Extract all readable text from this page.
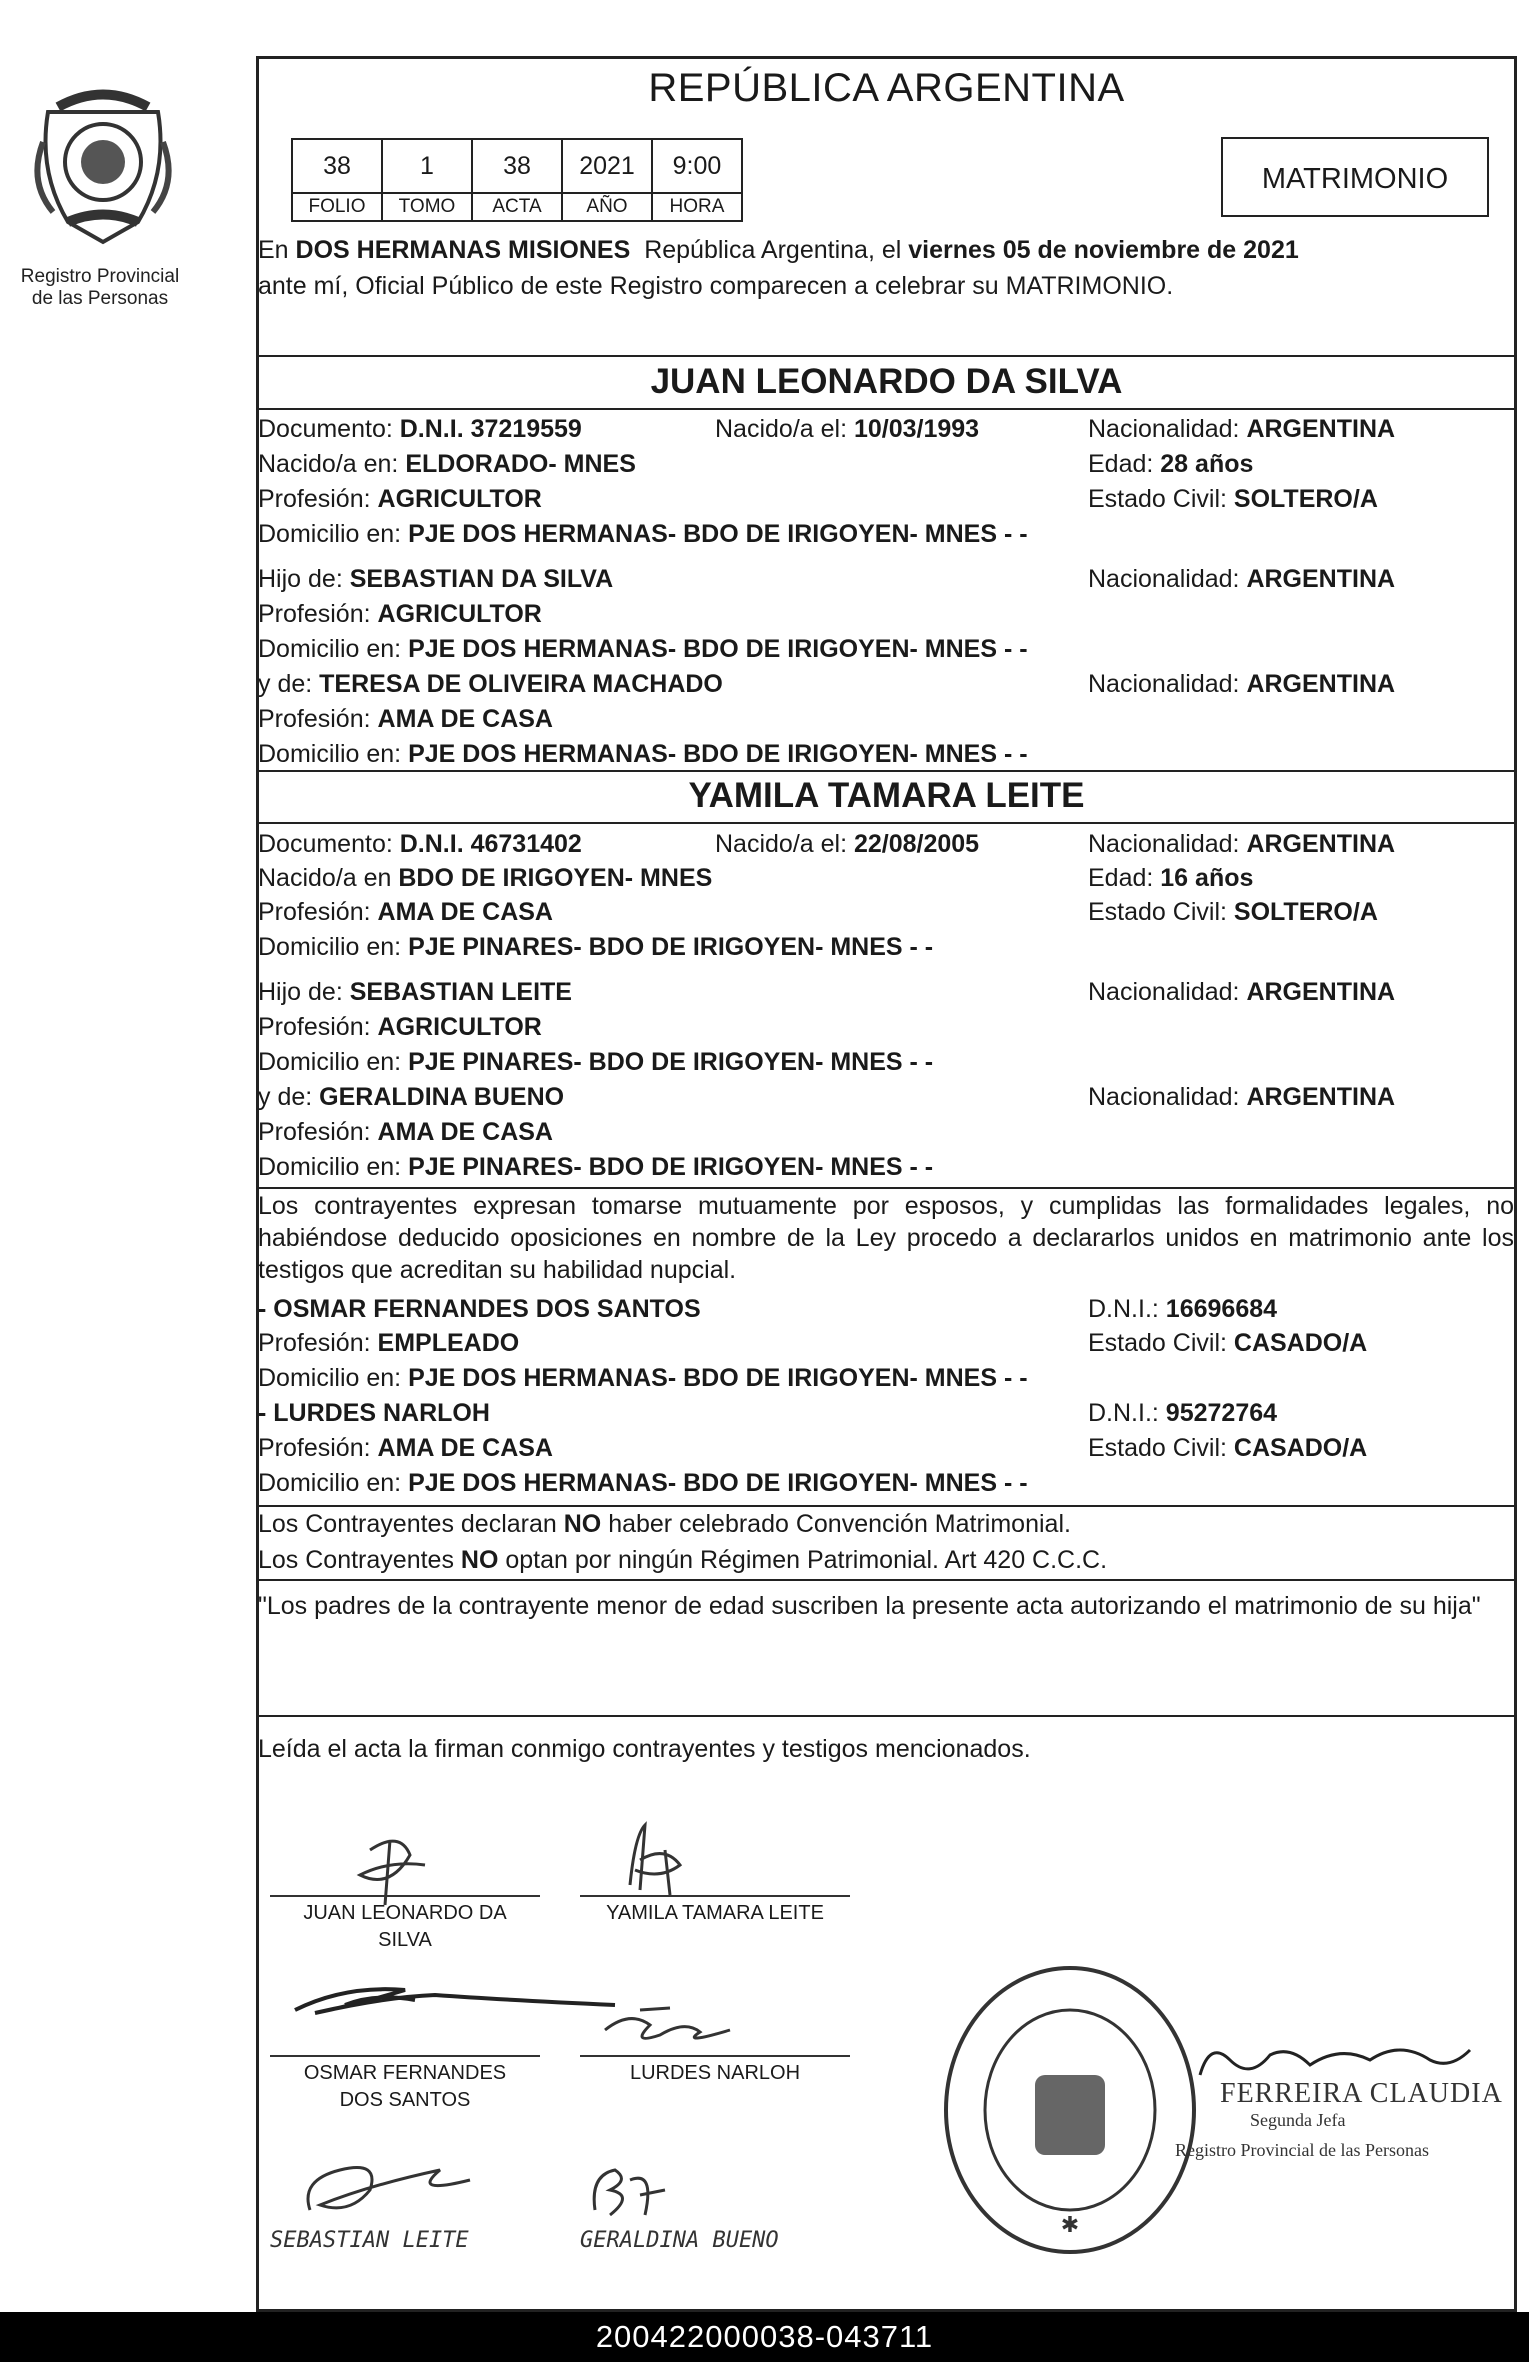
Registro Provincial
de las Personas
REPÚBLICA ARGENTINA
38	1	38	2021	9:00
FOLIO	TOMO	ACTA	AÑO	HORA
MATRIMONIO
En DOS HERMANAS MISIONES  República Argentina, el viernes 05 de noviembre de 2021
ante mí, Oficial Público de este Registro comparecen a celebrar su MATRIMONIO.
JUAN LEONARDO DA SILVA
Documento: D.N.I. 37219559	Nacido/a el: 10/03/1993	Nacionalidad: ARGENTINA
Nacido/a en: ELDORADO- MNES	Edad: 28 años
Profesión: AGRICULTOR	Estado Civil: SOLTERO/A
Domicilio en: PJE DOS HERMANAS- BDO DE IRIGOYEN- MNES - -
Hijo de: SEBASTIAN DA SILVA	Nacionalidad: ARGENTINA
Profesión: AGRICULTOR
Domicilio en: PJE DOS HERMANAS- BDO DE IRIGOYEN- MNES - -
y de: TERESA DE OLIVEIRA MACHADO	Nacionalidad: ARGENTINA
Profesión: AMA DE CASA
Domicilio en: PJE DOS HERMANAS- BDO DE IRIGOYEN- MNES - -
YAMILA TAMARA LEITE
Documento: D.N.I. 46731402	Nacido/a el: 22/08/2005	Nacionalidad: ARGENTINA
Nacido/a en BDO DE IRIGOYEN- MNES	Edad: 16 años
Profesión: AMA DE CASA	Estado Civil: SOLTERO/A
Domicilio en: PJE PINARES- BDO DE IRIGOYEN- MNES - -
Hijo de: SEBASTIAN LEITE	Nacionalidad: ARGENTINA
Profesión: AGRICULTOR
Domicilio en: PJE PINARES- BDO DE IRIGOYEN- MNES - -
y de: GERALDINA BUENO	Nacionalidad: ARGENTINA
Profesión: AMA DE CASA
Domicilio en: PJE PINARES- BDO DE IRIGOYEN- MNES - -
Los contrayentes expresan tomarse mutuamente por esposos, y cumplidas las formalidades legales, no habiéndose deducido oposiciones en nombre de la Ley procedo a declararlos unidos en matrimonio ante los testigos que acreditan su habilidad nupcial.
- OSMAR FERNANDES DOS SANTOS	D.N.I.: 16696684
Profesión: EMPLEADO	Estado Civil: CASADO/A
Domicilio en: PJE DOS HERMANAS- BDO DE IRIGOYEN- MNES - -
- LURDES NARLOH	D.N.I.: 95272764
Profesión: AMA DE CASA	Estado Civil: CASADO/A
Domicilio en: PJE DOS HERMANAS- BDO DE IRIGOYEN- MNES - -
Los Contrayentes declaran NO haber celebrado Convención Matrimonial.
Los Contrayentes NO optan por ningún Régimen Patrimonial. Art 420 C.C.C.
"Los padres de la contrayente menor de edad suscriben la presente acta autorizando el matrimonio de su hija"
Leída el acta la firman conmigo contrayentes y testigos mencionados.
JUAN LEONARDO DA
SILVA
YAMILA TAMARA LEITE
OSMAR FERNANDES
DOS SANTOS
LURDES NARLOH
SEBASTIAN LEITE	GERALDINA BUENO
✱
FERREIRA CLAUDIA
Segunda Jefa
Registro Provincial de las Personas
200422000038-043711
